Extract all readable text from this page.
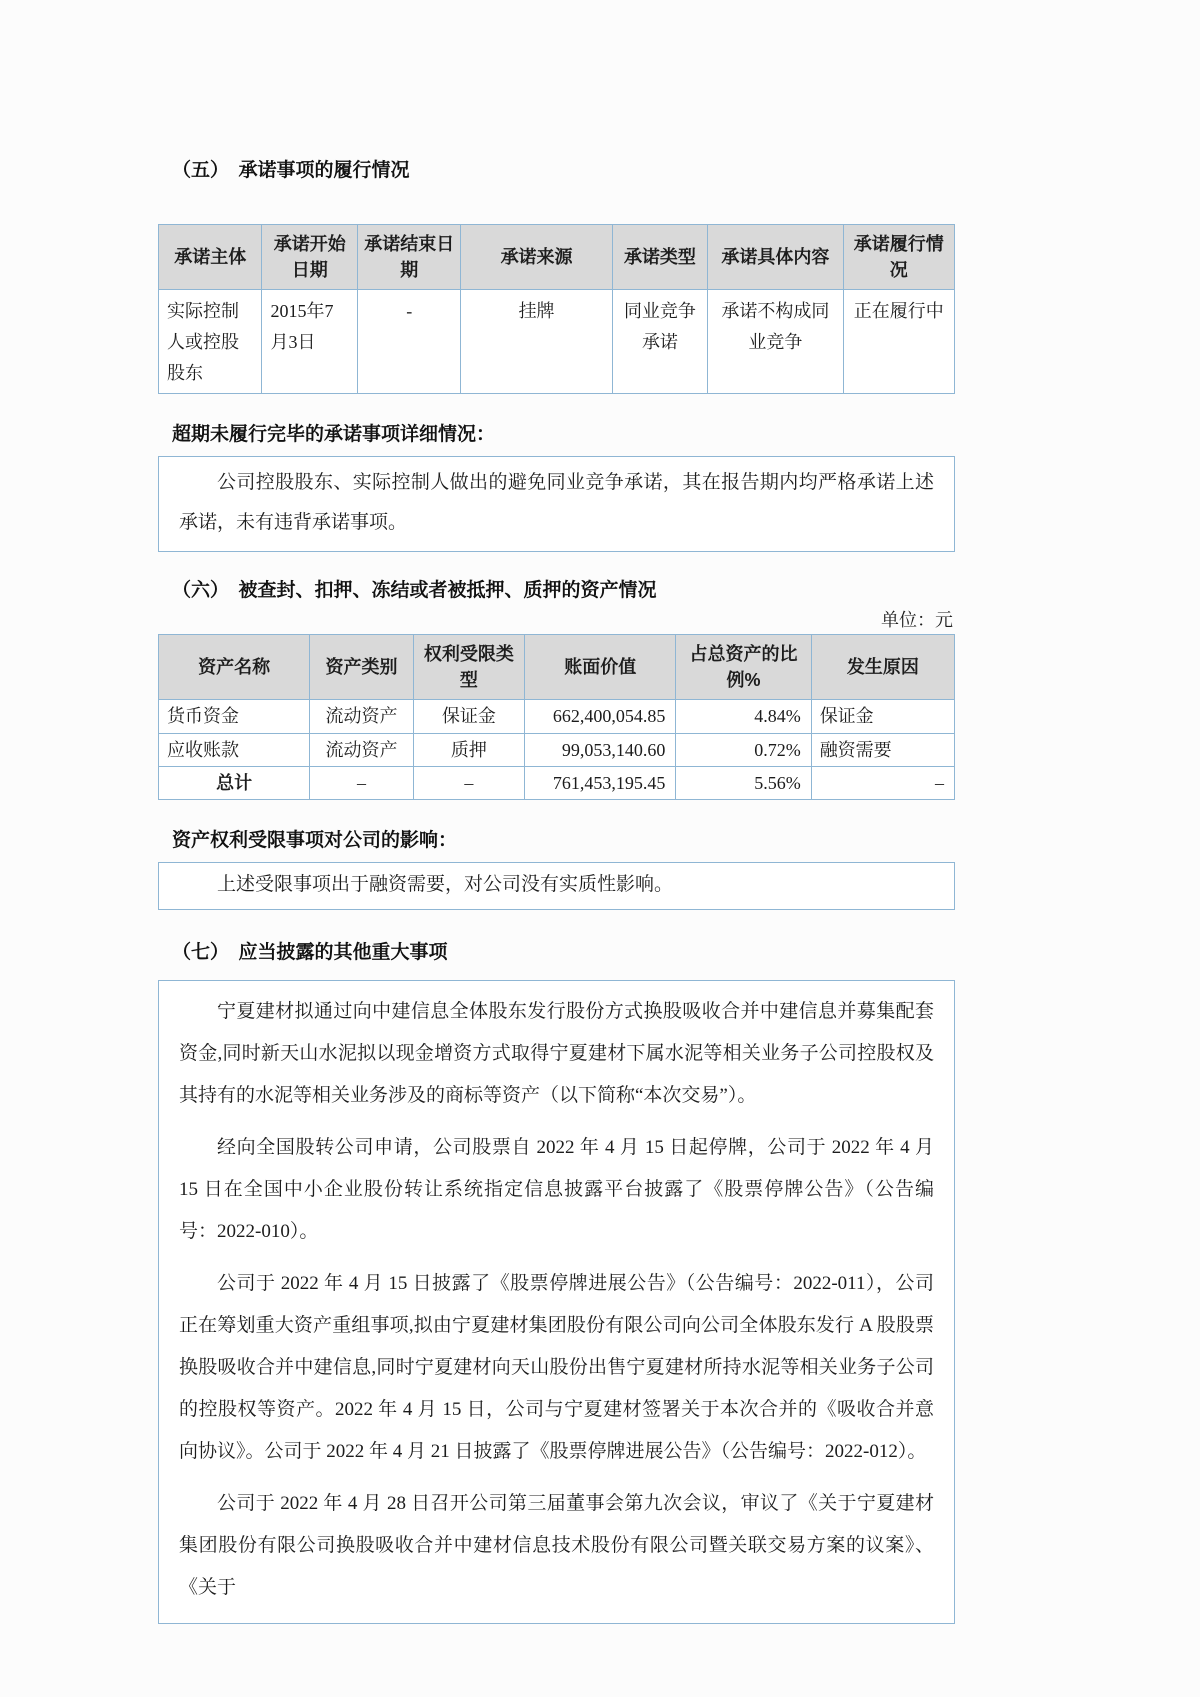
（五）　承诺事项的履行情况
承诺主体	承诺开始日期	承诺结束日期	承诺来源	承诺类型	承诺具体内容	承诺履行情况
实际控制人或控股股东	2015年7月3日	-	挂牌	同业竞争承诺	承诺不构成同业竞争	正在履行中
超期未履行完毕的承诺事项详细情况：

公司控股股东、实际控制人做出的避免同业竞争承诺，其在报告期内均严格承诺上述承诺，未有违背承诺事项。

（六）　被查封、扣押、冻结或者被抵押、质押的资产情况
单位：元
资产名称	资产类别	权利受限类型	账面价值	占总资产的比例%	发生原因
货币资金	流动资产	保证金	662,400,054.85	4.84%	保证金
应收账款	流动资产	质押	99,053,140.60	0.72%	融资需要
总计	–	–	761,453,195.45	5.56%	–
资产权利受限事项对公司的影响：

上述受限事项出于融资需要，对公司没有实质性影响。

（七）　应当披露的其他重大事项

宁夏建材拟通过向中建信息全体股东发行股份方式换股吸收合并中建信息并募集配套资金,同时新天山水泥拟以现金增资方式取得宁夏建材下属水泥等相关业务子公司控股权及其持有的水泥等相关业务涉及的商标等资产（以下简称“本次交易”）。

经向全国股转公司申请，公司股票自 2022 年 4 月 15 日起停牌，公司于 2022 年 4 月 15 日在全国中小企业股份转让系统指定信息披露平台披露了《股票停牌公告》（公告编号：2022-010）。

公司于 2022 年 4 月 15 日披露了《股票停牌进展公告》（公告编号：2022-011），公司正在筹划重大资产重组事项,拟由宁夏建材集团股份有限公司向公司全体股东发行 A 股股票换股吸收合并中建信息,同时宁夏建材向天山股份出售宁夏建材所持水泥等相关业务子公司的控股权等资产。2022 年 4 月 15 日，公司与宁夏建材签署关于本次合并的《吸收合并意向协议》。公司于 2022 年 4 月 21 日披露了《股票停牌进展公告》（公告编号：2022-012）。

公司于 2022 年 4 月 28 日召开公司第三届董事会第九次会议，审议了《关于宁夏建材集团股份有限公司换股吸收合并中建材信息技术股份有限公司暨关联交易方案的议案》、《关于
